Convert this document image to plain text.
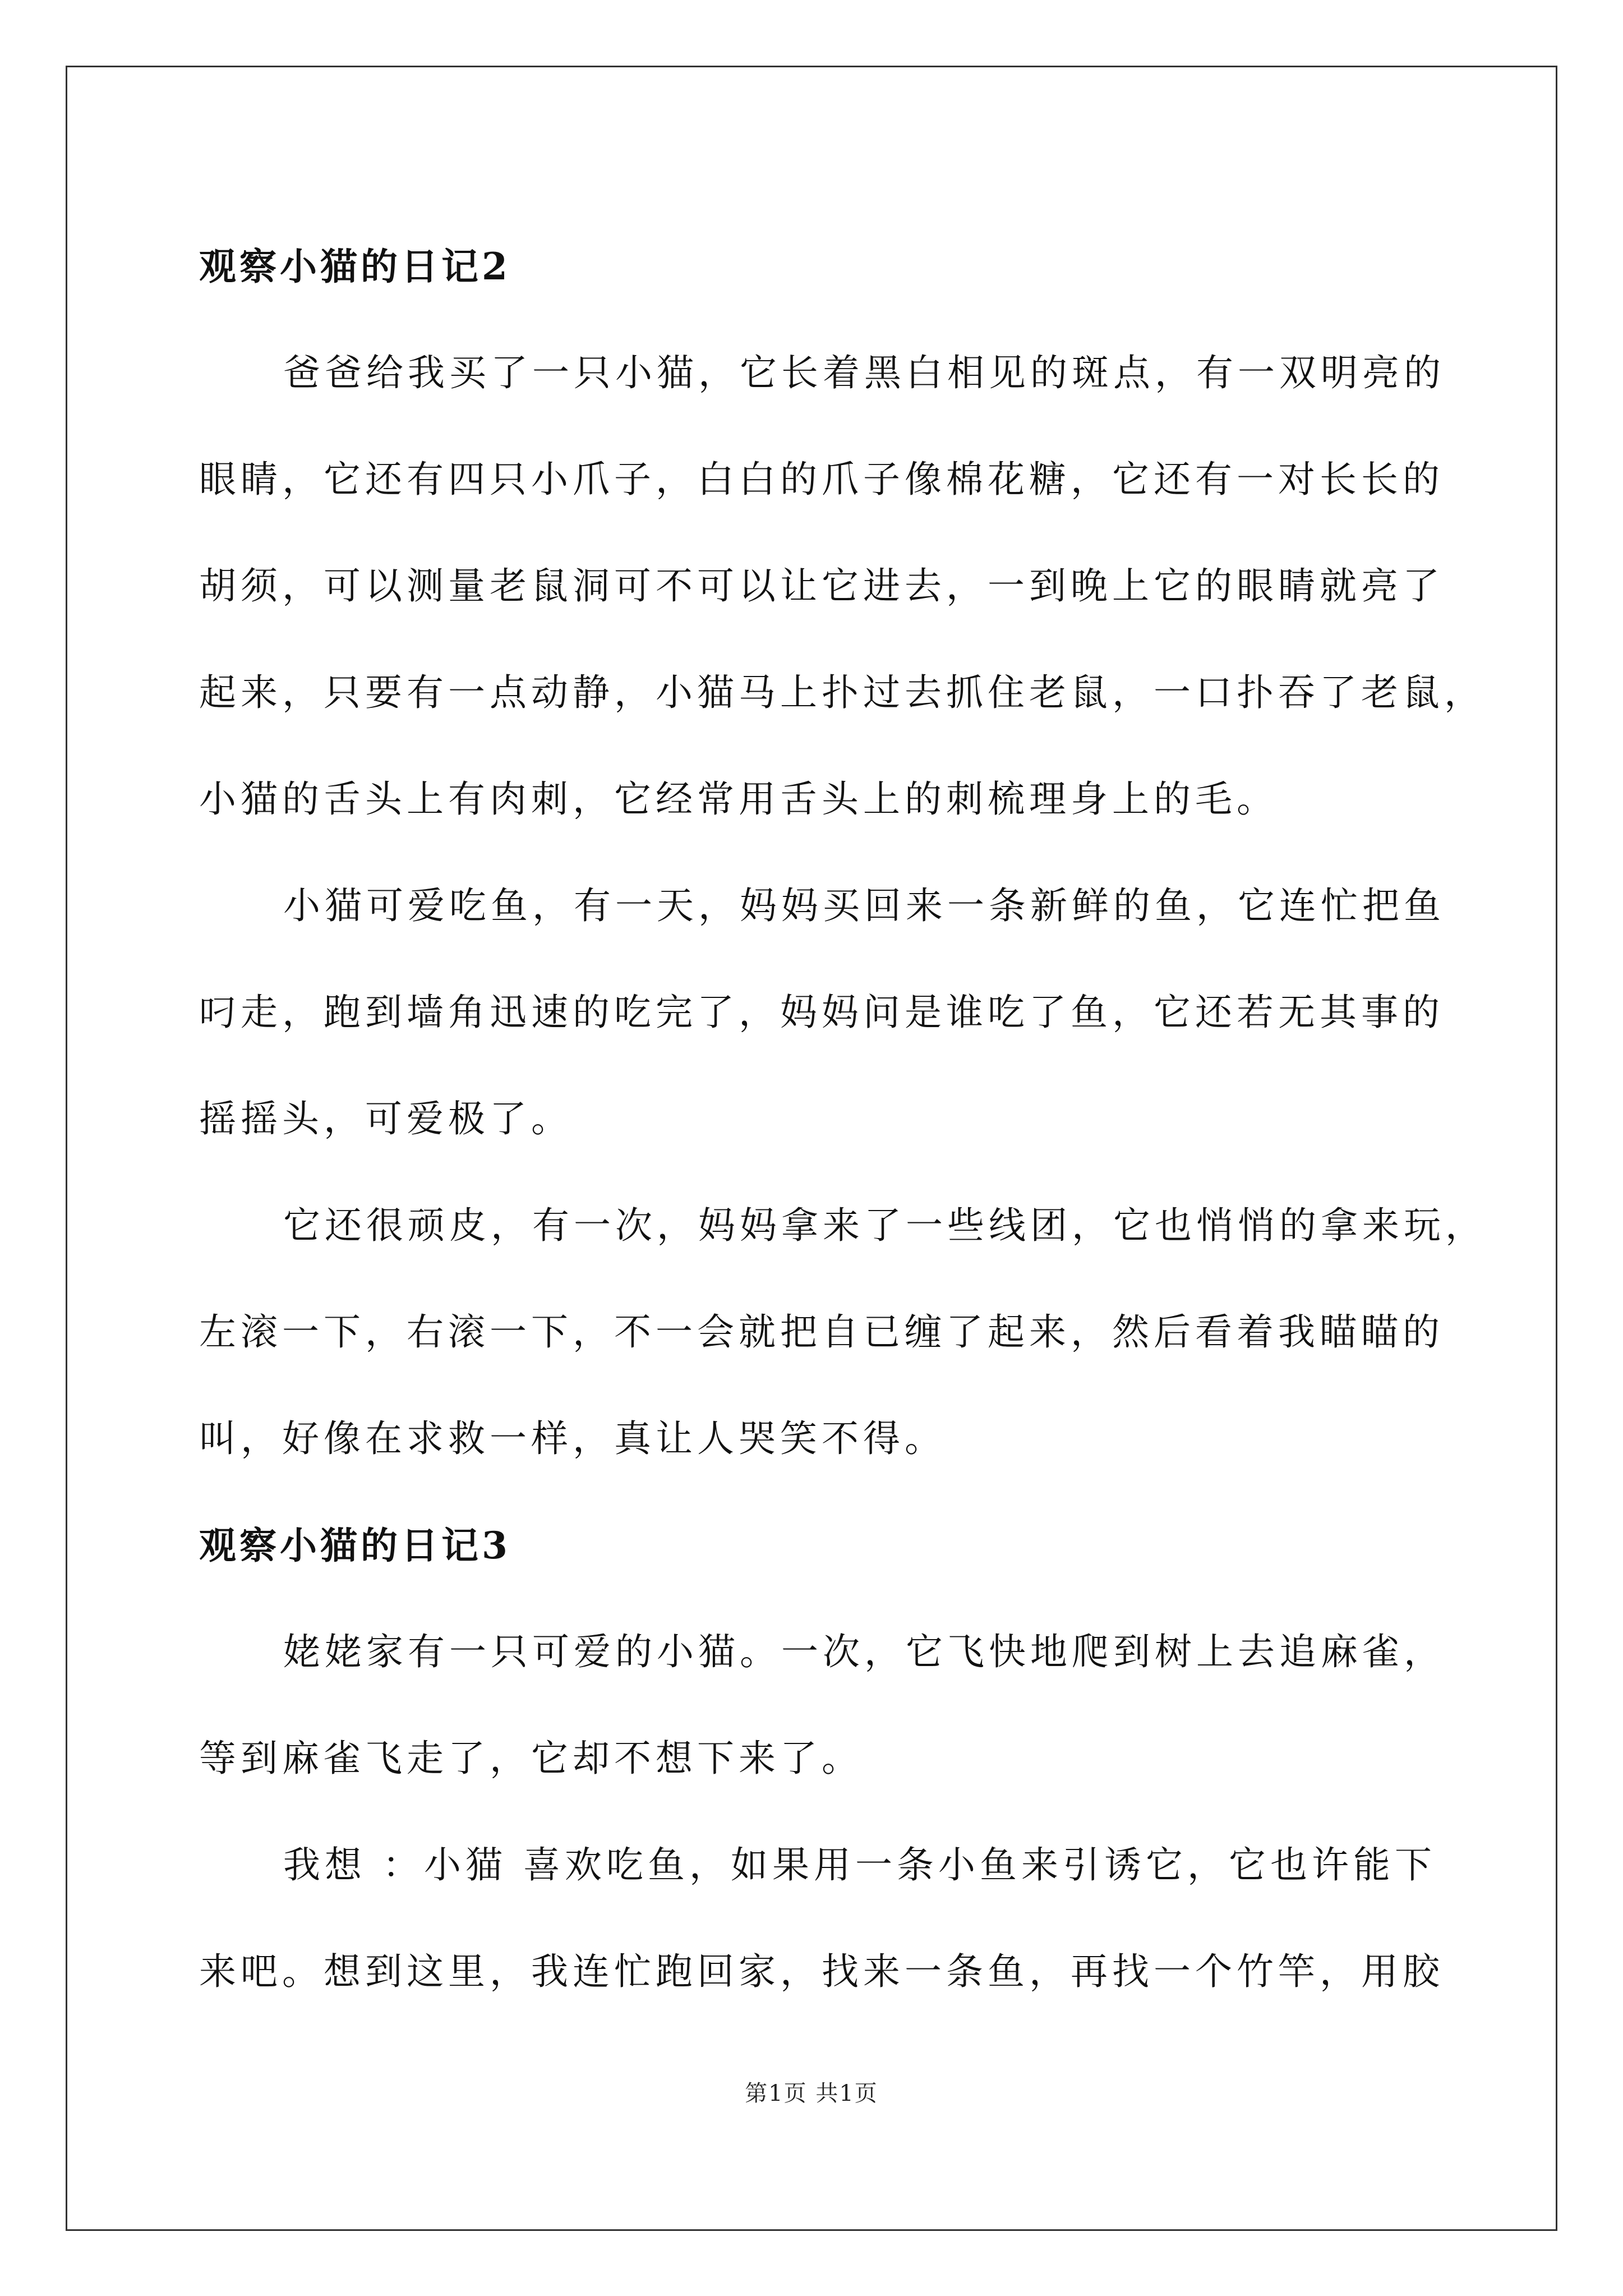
观察小猫的日记2
爸爸给我买了一只小猫，它长着黑白相见的斑点，有一双明亮的
眼睛，它还有四只小爪子，白白的爪子像棉花糖，它还有一对长长的
胡须，可以测量老鼠洞可不可以让它进去，一到晚上它的眼睛就亮了
起来，只要有一点动静，小猫马上扑过去抓住老鼠，一口扑吞了老鼠，
小猫的舌头上有肉刺，它经常用舌头上的刺梳理身上的毛。
小猫可爱吃鱼，有一天，妈妈买回来一条新鲜的鱼，它连忙把鱼
叼走，跑到墙角迅速的吃完了，妈妈问是谁吃了鱼，它还若无其事的
摇摇头，可爱极了。
它还很顽皮，有一次，妈妈拿来了一些线团，它也悄悄的拿来玩，
左滚一下，右滚一下，不一会就把自已缠了起来，然后看着我瞄瞄的
叫，好像在求救一样，真让人哭笑不得。
观察小猫的日记3
姥姥家有一只可爱的小猫。一次，它飞快地爬到树上去追麻雀，
等到麻雀飞走了，它却不想下来了。
我想 ：小猫 喜欢吃鱼，如果用一条小鱼来引诱它，它也许能下
来吧。想到这里，我连忙跑回家，找来一条鱼，再找一个竹竿，用胶
第1页 共1页
